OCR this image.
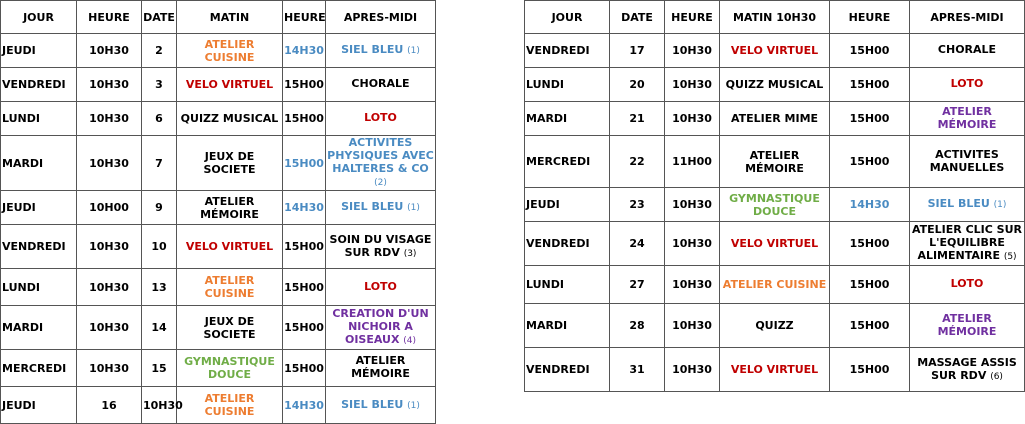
JOUR	HEURE	DATE	MATIN	HEURE	APRES-MIDI
JEUDI	10H30	2	ATELIER CUISINE	14H30	SIEL BLEU (1)
VENDREDI	10H30	3	VELO VIRTUEL	15H00	CHORALE
LUNDI	10H30	6	QUIZZ MUSICAL	15H00	LOTO
MARDI	10H30	7	JEUX DE SOCIETE	15H00	ACTIVITES PHYSIQUES AVEC HALTERES & CO (2)
JEUDI	10H00	9	ATELIER MÉMOIRE	14H30	SIEL BLEU (1)
VENDREDI	10H30	10	VELO VIRTUEL	15H00	SOIN DU VISAGE SUR RDV (3)
LUNDI	10H30	13	ATELIER CUISINE	15H00	LOTO
MARDI	10H30	14	JEUX DE SOCIETE	15H00	CREATION D'UN NICHOIR A OISEAUX (4)
MERCREDI	10H30	15	GYMNASTIQUE DOUCE	15H00	ATELIER MÉMOIRE
JEUDI	16	10H30	ATELIER CUISINE	14H30	SIEL BLEU (1)
JOUR	DATE	HEURE	MATIN 10H30	HEURE	APRES-MIDI
VENDREDI	17	10H30	VELO VIRTUEL	15H00	CHORALE
LUNDI	20	10H30	QUIZZ MUSICAL	15H00	LOTO
MARDI	21	10H30	ATELIER MIME	15H00	ATELIER MÉMOIRE
MERCREDI	22	11H00	ATELIER MÉMOIRE	15H00	ACTIVITES MANUELLES
JEUDI	23	10H30	GYMNASTIQUE DOUCE	14H30	SIEL BLEU (1)
VENDREDI	24	10H30	VELO VIRTUEL	15H00	ATELIER CLIC SUR L'EQUILIBRE ALIMENTAIRE (5)
LUNDI	27	10H30	ATELIER CUISINE	15H00	LOTO
MARDI	28	10H30	QUIZZ	15H00	ATELIER MÉMOIRE
VENDREDI	31	10H30	VELO VIRTUEL	15H00	MASSAGE ASSIS SUR RDV (6)
